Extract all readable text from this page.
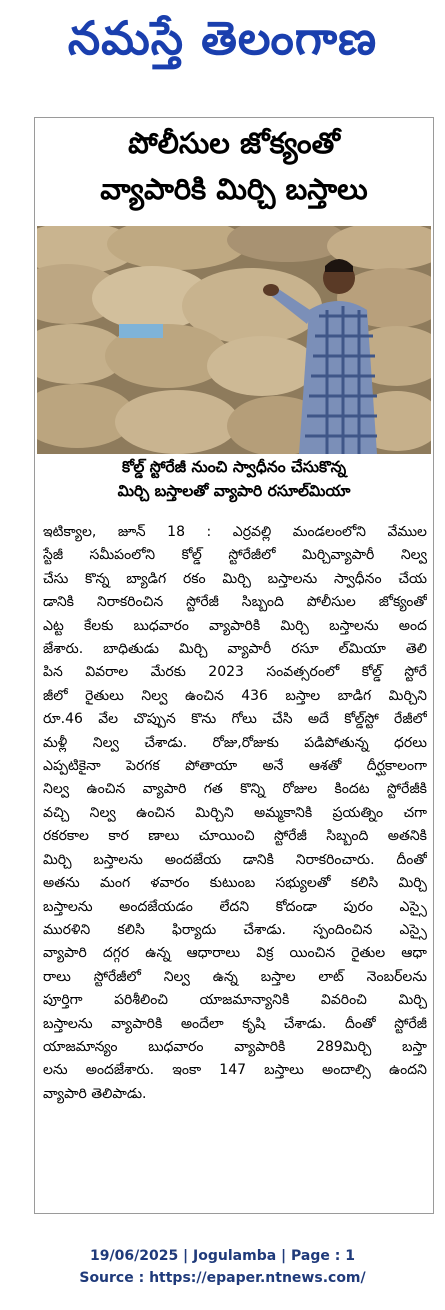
నమస్తే తెలంగాణ
పోలీసుల జోక్యంతో
వ్యాపారికి మిర్చి బస్తాలు
కోల్డ్ స్టోరేజీ నుంచి స్వాధీనం చేసుకొన్న
మిర్చి బస్తాలతో వ్యాపారి రసూల్‌మియా

ఇటిక్యాల, జూన్ 18 : ఎర్రవల్లి మండలంలోని వేముల

స్టేజీ సమీపంలోని కోల్డ్ స్టోరేజీలో మిర్చివ్యాపారీ నిల్వ

చేసు కొన్న బ్యాడిగ రకం మిర్చి బస్తాలను స్వాధీనం చేయ

డానికి నిరాకరించిన స్టోరేజీ సిబ్బంది పోలీసుల జోక్యంతో

ఎట్ట కేలకు బుధవారం వ్యాపారికి మిర్చి బస్తాలను అంద

జేశారు. బాధితుడు మిర్చి వ్యాపారీ రసూ ల్‌మియా తెలి

పిన వివరాల మేరకు 2023 సంవత్సరంలో కోల్డ్ స్టోరే

జీలో రైతులు నిల్వ ఉంచిన 436 బస్తాల బాడిగ మిర్చిని

రూ.46 వేల చొప్పున కొను గోలు చేసి అదే కోల్డ్‌స్టో రేజీలో

మళ్లీ నిల్వ చేశాడు. రోజు,రోజుకు పడిపోతున్న ధరలు

ఎప్పటికైనా పెరగక పోతాయా అనే ఆశతో దీర్ఘకాలంగా

నిల్వ ఉంచిన వ్యాపారి గత కొన్ని రోజుల కిందట స్టోరేజీకి

వచ్చి నిల్వ ఉంచిన మిర్చిని అమ్మకానికి ప్రయత్నిం చగా

రకరకాల కార ణాలు చూయించి స్టోరేజీ సిబ్బంది అతనికి

మిర్చి బస్తాలను అందజేయ డానికి నిరాకరించారు. దీంతో

అతను మంగ ళవారం కుటుంబ సభ్యులతో కలిసి మిర్చి

బస్తాలను అందజేయడం లేదని కోదండా పురం ఎస్సై

మురళిని కలిసి ఫిర్యాదు చేశాడు. స్పందించిన ఎస్సై

వ్యాపారి దగ్గర ఉన్న ఆధారాలు విక్ర యించిన రైతుల ఆధా

రాలు స్టోరేజీలో నిల్వ ఉన్న బస్తాల లాట్ నెంబర్‌లను

పూర్తిగా పరిశీలించి యాజమాన్యానికి వివరించి మిర్చి

బస్తాలను వ్యాపారికి అందేలా కృషి చేశాడు. దీంతో స్టోరేజీ

యాజమాన్యం బుధవారం వ్యాపారికి 289మిర్చి బస్తా

లను అందజేశారు. ఇంకా 147 బస్తాలు అందాల్సి ఉందని

వ్యాపారి తెలిపాడు.

19/06/2025 | Jogulamba | Page : 1
Source : https://epaper.ntnews.com/
